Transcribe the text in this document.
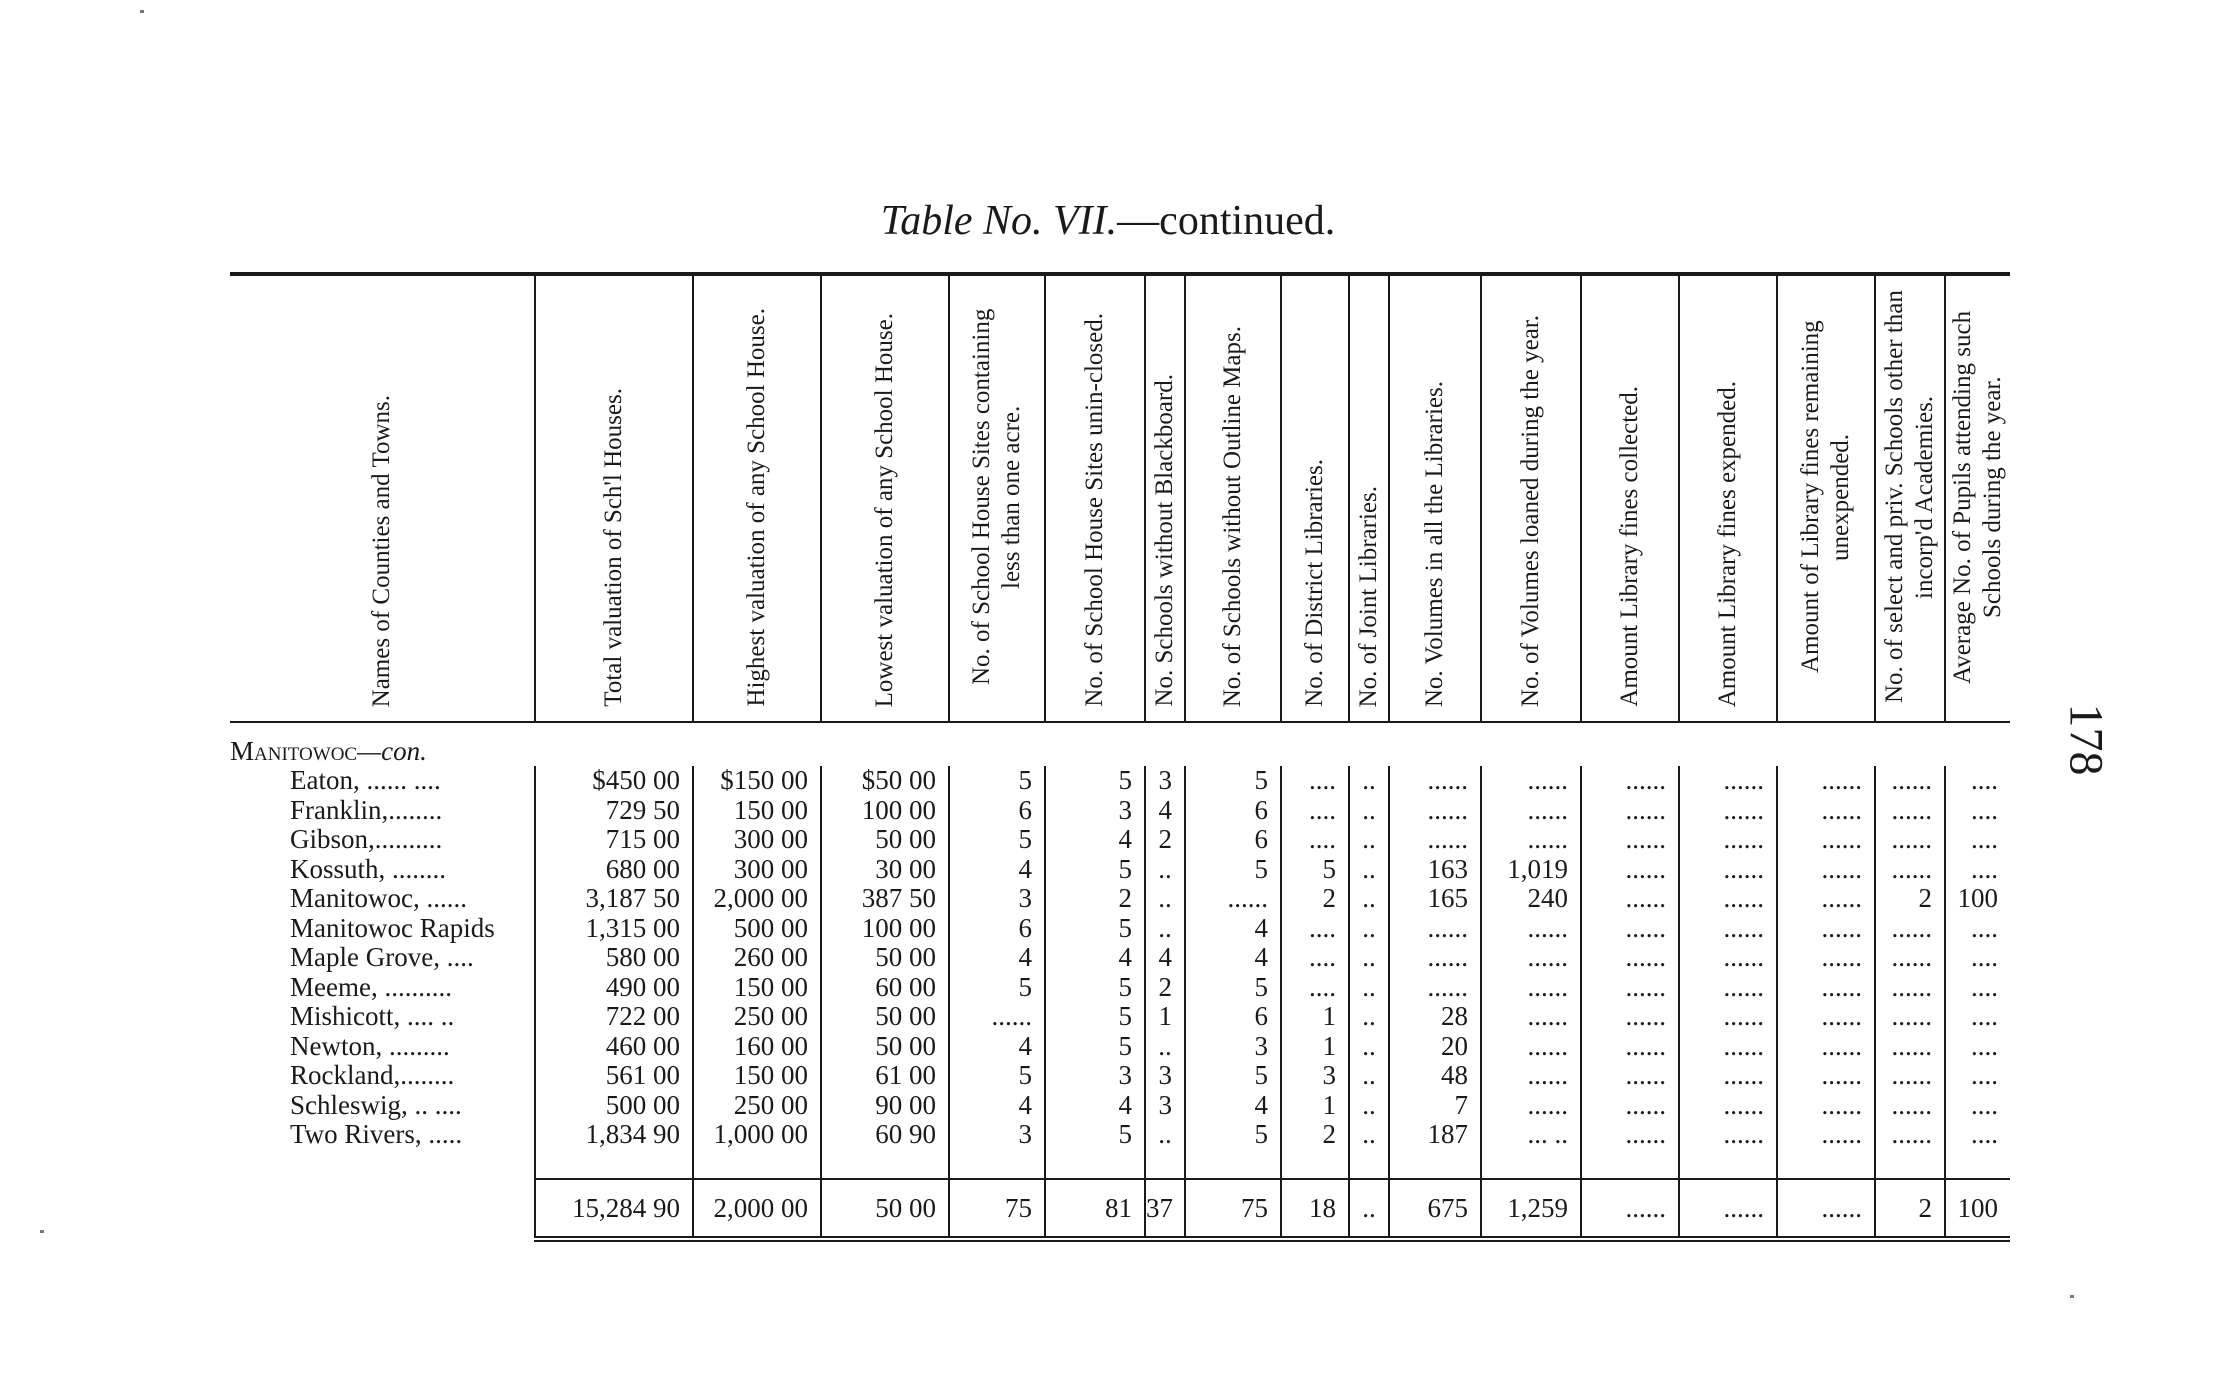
Table No. VII.—continued.
178
Names of Counties and Towns.	Total valuation of Sch'l Houses.	Highest valuation of any School House.	Lowest valuation of any School House.	No. of School House Sites containing less than one acre.	No. of School House Sites unin-closed.	No. Schools without Blackboard.	No. of Schools without Outline Maps.	No. of District Libraries.	No. of Joint Libraries.	No. Volumes in all the Libraries.	No. of Volumes loaned during the year.	Amount Library fines collected.	Amount Library fines expended.	Amount of Library fines remaining unexpended.	No. of select and priv. Schools other than incorp'd Academies.	Average No. of Pupils attending such Schools during the year.

Manitowoc—con.																
Eaton, ...... ....	$450 00	$150 00	$50 00	5	5	3	5	....	..	......	......	......	......	......	......	....
Franklin,........	729 50	150 00	100 00	6	3	4	6	....	..	......	......	......	......	......	......	....
Gibson,..........	715 00	300 00	50 00	5	4	2	6	....	..	......	......	......	......	......	......	....
Kossuth, ........	680 00	300 00	30 00	4	5	..	5	5	..	163	1,019	......	......	......	......	....
Manitowoc, ......	3,187 50	2,000 00	387 50	3	2	..	......	2	..	165	240	......	......	......	2	100
Manitowoc Rapids	1,315 00	500 00	100 00	6	5	..	4	....	..	......	......	......	......	......	......	....
Maple Grove, ....	580 00	260 00	50 00	4	4	4	4	....	..	......	......	......	......	......	......	....
Meeme, ..........	490 00	150 00	60 00	5	5	2	5	....	..	......	......	......	......	......	......	....
Mishicott, .... ..	722 00	250 00	50 00	......	5	1	6	1	..	28	......	......	......	......	......	....
Newton, .........	460 00	160 00	50 00	4	5	..	3	1	..	20	......	......	......	......	......	....
Rockland,........	561 00	150 00	61 00	5	3	3	5	3	..	48	......	......	......	......	......	....
Schleswig, .. ....	500 00	250 00	90 00	4	4	3	4	1	..	7	......	......	......	......	......	....
Two Rivers, .....	1,834 90	1,000 00	60 90	3	5	..	5	2	..	187	... ..	......	......	......	......	....

	15,284 90	2,000 00	50 00	75	81	37	75	18	..	675	1,259	......	......	......	2	100
